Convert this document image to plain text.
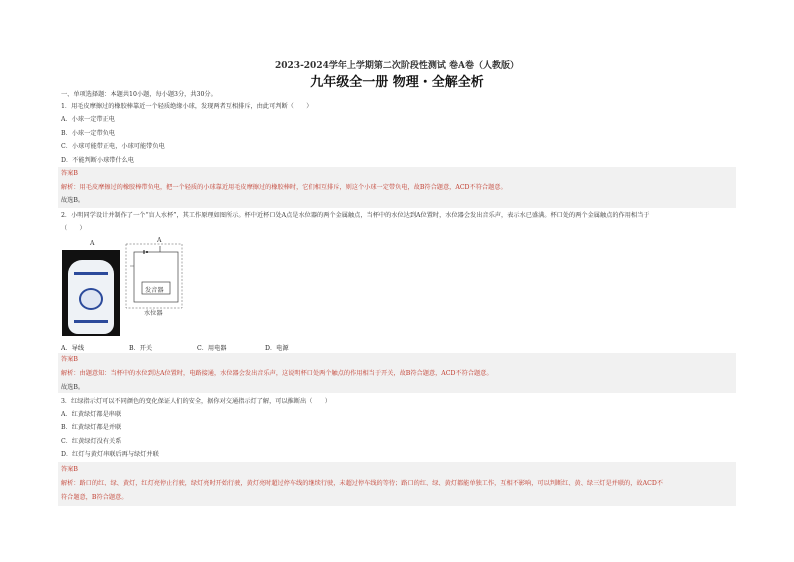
2023-2024学年上学期第二次阶段性测试 卷A卷（人教版）
九年级全一册 物理・全解全析
一、单项选择题：本题共10小题，每小题3分，共30分。
1．用毛皮摩擦过的橡胶棒靠近一个轻质绝缘小球，发现两者互相排斥，由此可判断（　　）
A．小球一定带正电
B．小球一定带负电
C．小球可能带正电，小球可能带负电
D．不能判断小球带什么电
答案B
解析：用毛皮摩擦过的橡胶棒带负电，把一个轻质的小球靠近用毛皮摩擦过的橡胶棒时，它们相互排斥，则这个小球一定带负电，故B符合题意，ACD不符合题意。
故选B。
2．小明同学设计并制作了一个“盲人水杯”，其工作原理如图所示。杯中近杯口处A点是水位器的两个金属触点，当杯中的水位达到A位置时，水位器会发出音乐声，表示水已盛满。杯口处的两个金属触点的作用相当于
（　　）
A	A
发音器
水位器
A．导线	B．开关	C．用电器	D．电源
答案B
解析：由题意知：当杯中的水位到达A位置时，电路接通，水位器会发出音乐声，这说明杯口处两个触点的作用相当于开关，故B符合题意，ACD不符合题意。
故选B。
3．红绿指示灯可以不同颜色的变化保证人们的安全，据你对交通指示灯了解，可以推断出（　　）
A．红黄绿灯都是串联
B．红黄绿灯都是并联
C．红黄绿灯没有关系
D．红灯与黄灯串联后再与绿灯并联
答案B
解析：路口的红、绿、黄灯，红灯亮停止行驶，绿灯亮时开始行驶，黄灯亮时超过停车线的继续行驶，未超过停车线的等待；路口的红、绿、黄灯都能单独工作，互相不影响，可以判断红、黄、绿三灯是并联的，故ACD不
符合题意，B符合题意。
